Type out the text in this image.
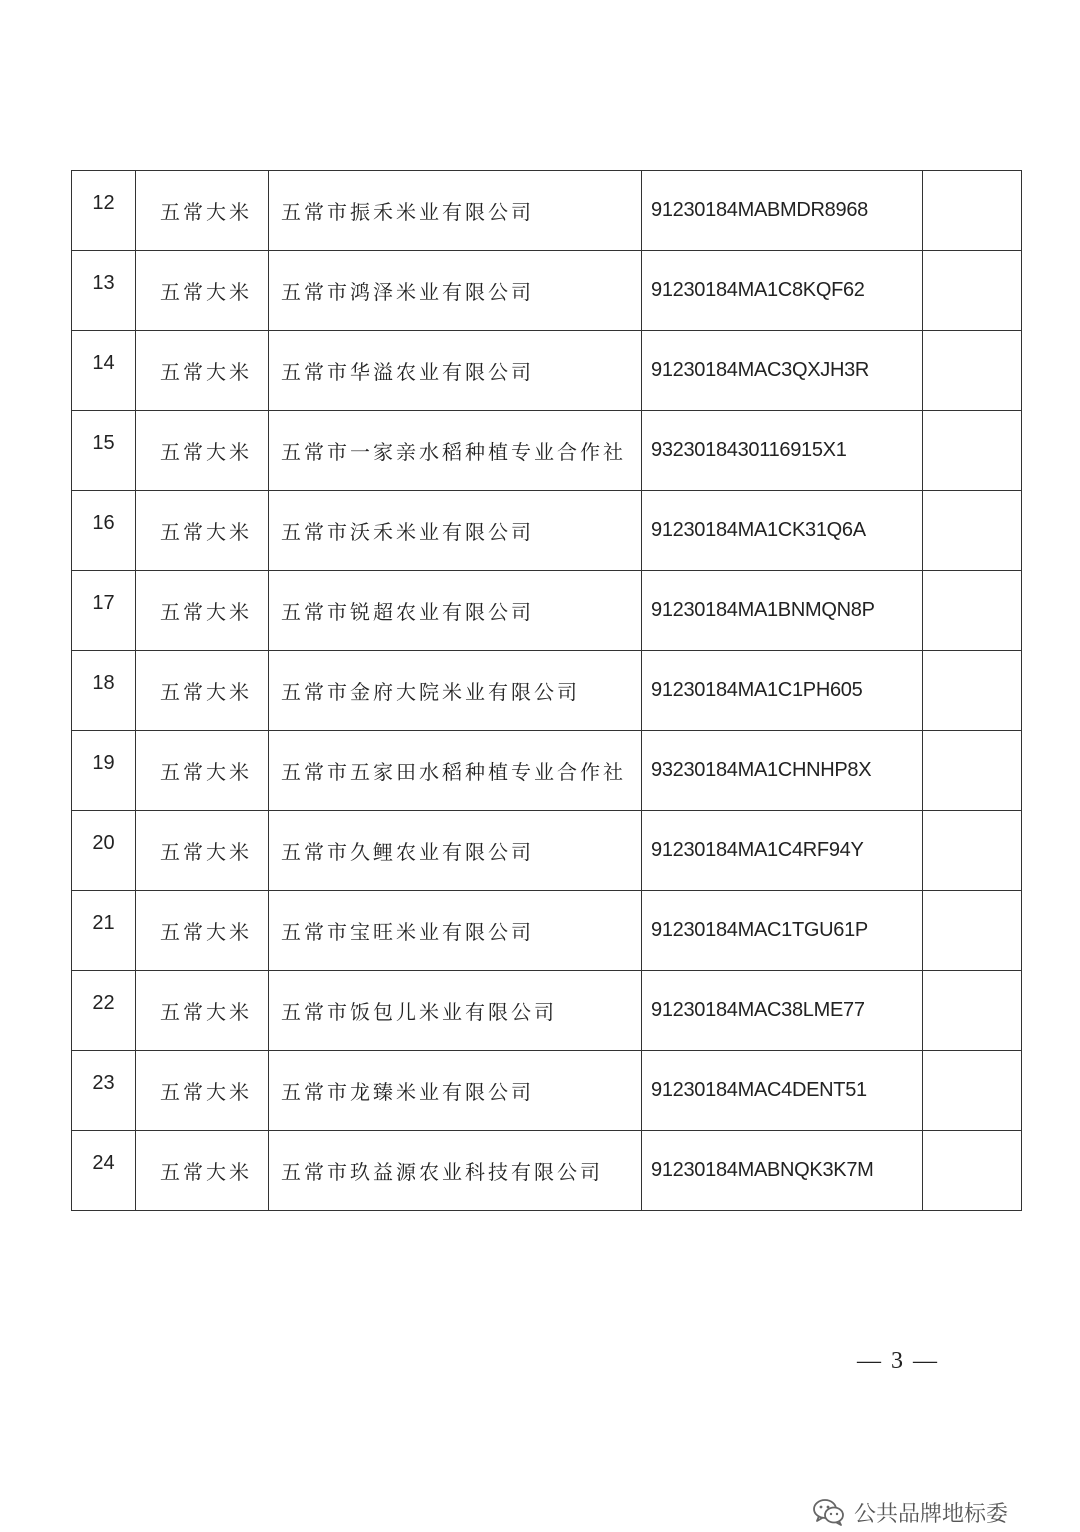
12	五常大米	五常市振禾米业有限公司	91230184MABMDR8968	
13	五常大米	五常市鸿泽米业有限公司	91230184MA1C8KQF62	
14	五常大米	五常市华溢农业有限公司	91230184MAC3QXJH3R	
15	五常大米	五常市一家亲水稻种植专业合作社	9323018430116915X1	
16	五常大米	五常市沃禾米业有限公司	91230184MA1CK31Q6A	
17	五常大米	五常市锐超农业有限公司	91230184MA1BNMQN8P	
18	五常大米	五常市金府大院米业有限公司	91230184MA1C1PH605	
19	五常大米	五常市五家田水稻种植专业合作社	93230184MA1CHNHP8X	
20	五常大米	五常市久鲤农业有限公司	91230184MA1C4RF94Y	
21	五常大米	五常市宝旺米业有限公司	91230184MAC1TGU61P	
22	五常大米	五常市饭包儿米业有限公司	91230184MAC38LME77	
23	五常大米	五常市龙臻米业有限公司	91230184MAC4DENT51	
24	五常大米	五常市玖益源农业科技有限公司	91230184MABNQK3K7M	
— 3 —
公共品牌地标委
